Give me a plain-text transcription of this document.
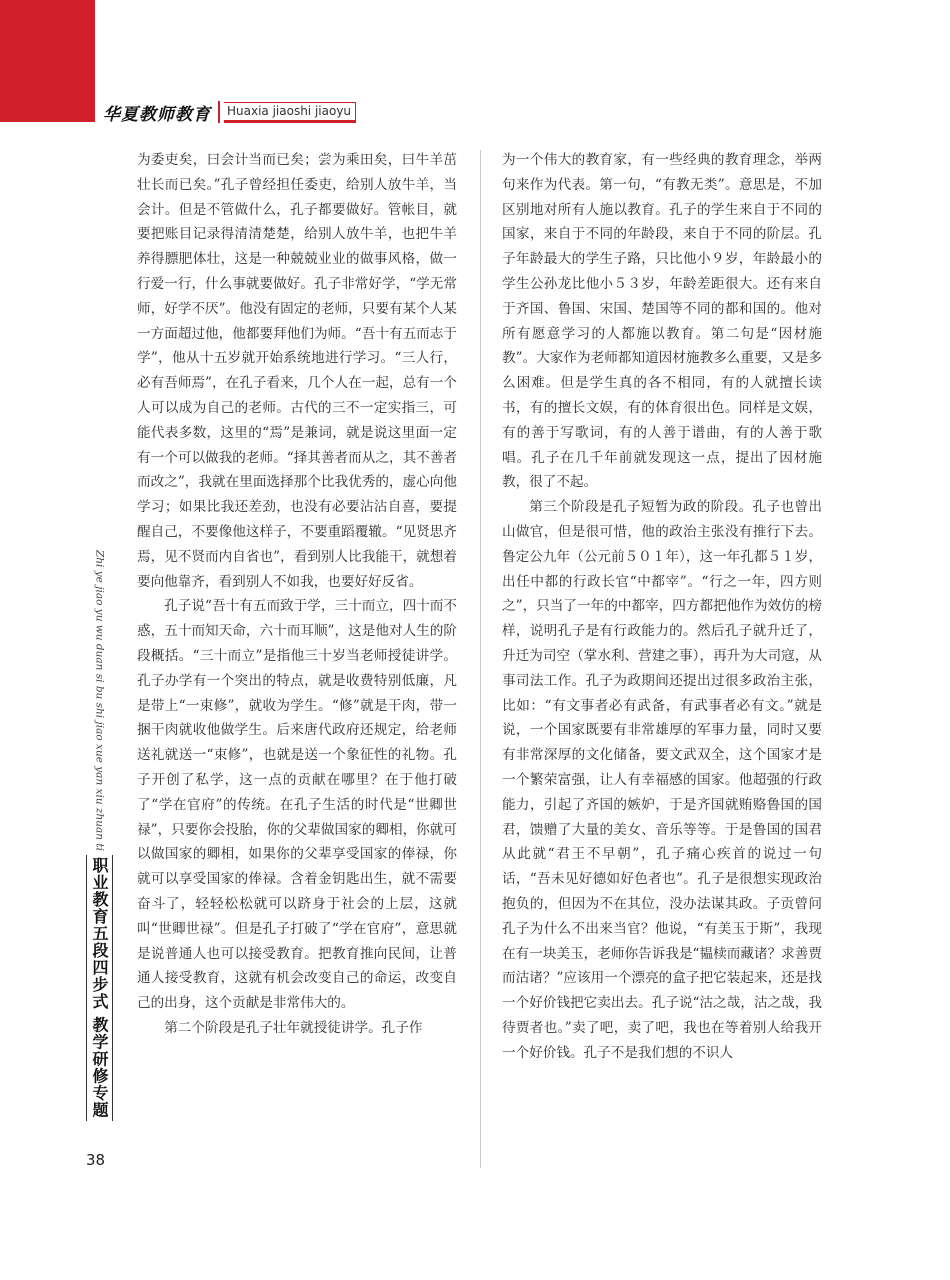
华夏教师教育 Huaxia jiaoshi jiaoyu
Zhi ye jiao yu wu duan si bu shi jiao xue yan xiu zhuan ti
职业教育五段四步式 教学研修专题
38

为委吏矣，曰会计当而已矣；尝为乘田矣，曰牛羊茁壮长而已矣。”孔子曾经担任委吏，给别人放牛羊，当会计。但是不管做什么，孔子都要做好。管帐目，就要把账目记录得清清楚楚，给别人放牛羊，也把牛羊养得膘肥体壮，这是一种兢兢业业的做事风格，做一行爱一行，什么事就要做好。孔子非常好学，“学无常师，好学不厌”。他没有固定的老师，只要有某个人某一方面超过他，他都要拜他们为师。“吾十有五而志于学”，他从十五岁就开始系统地进行学习。“三人行，必有吾师焉”，在孔子看来，几个人在一起，总有一个人可以成为自己的老师。古代的三不一定实指三，可能代表多数，这里的“焉”是兼词，就是说这里面一定有一个可以做我的老师。“择其善者而从之，其不善者而改之”，我就在里面选择那个比我优秀的，虚心向他学习；如果比我还差劲，也没有必要沾沾自喜，要提醒自己，不要像他这样子，不要重蹈覆辙。“见贤思齐焉，见不贤而内自省也”，看到别人比我能干，就想着要向他靠齐，看到别人不如我，也要好好反省。

孔子说“吾十有五而致于学，三十而立，四十而不惑，五十而知天命，六十而耳顺”，这是他对人生的阶段概括。“三十而立”是指他三十岁当老师授徒讲学。孔子办学有一个突出的特点，就是收费特别低廉，凡是带上“一束修”，就收为学生。“修”就是干肉，带一捆干肉就收他做学生。后来唐代政府还规定，给老师送礼就送一“束修”，也就是送一个象征性的礼物。孔子开创了私学，这一点的贡献在哪里？在于他打破了“学在官府”的传统。在孔子生活的时代是“世卿世禄”，只要你会投胎，你的父辈做国家的卿相，你就可以做国家的卿相，如果你的父辈享受国家的俸禄，你就可以享受国家的俸禄。含着金钥匙出生，就不需要奋斗了，轻轻松松就可以跻身于社会的上层，这就叫“世卿世禄”。但是孔子打破了“学在官府”，意思就是说普通人也可以接受教育。把教育推向民间，让普通人接受教育，这就有机会改变自己的命运，改变自己的出身，这个贡献是非常伟大的。

第二个阶段是孔子壮年就授徒讲学。孔子作

为一个伟大的教育家，有一些经典的教育理念，举两句来作为代表。第一句，“有教无类”。意思是，不加区别地对所有人施以教育。孔子的学生来自于不同的国家，来自于不同的年龄段，来自于不同的阶层。孔子年龄最大的学生子路，只比他小９岁，年龄最小的学生公孙龙比他小５３岁，年龄差距很大。还有来自于齐国、鲁国、宋国、楚国等不同的都和国的。他对所有愿意学习的人都施以教育。第二句是“因材施教”。大家作为老师都知道因材施教多么重要，又是多么困难。但是学生真的各不相同，有的人就擅长读书，有的擅长文娱，有的体育很出色。同样是文娱，有的善于写歌词，有的人善于谱曲，有的人善于歌唱。孔子在几千年前就发现这一点，提出了因材施教，很了不起。

第三个阶段是孔子短暂为政的阶段。孔子也曾出山做官，但是很可惜，他的政治主张没有推行下去。鲁定公九年（公元前５０１年），这一年孔都５１岁，出任中都的行政长官“中都宰”。“行之一年，四方则之”，只当了一年的中都宰，四方都把他作为效仿的榜样，说明孔子是有行政能力的。然后孔子就升迁了，升迁为司空（掌水利、营建之事），再升为大司寇，从事司法工作。孔子为政期间还提出过很多政治主张，比如：“有文事者必有武备，有武事者必有文。”就是说，一个国家既要有非常雄厚的军事力量，同时又要有非常深厚的文化储备，要文武双全，这个国家才是一个繁荣富强，让人有幸福感的国家。他超强的行政能力，引起了齐国的嫉妒，于是齐国就贿赂鲁国的国君，馈赠了大量的美女、音乐等等。于是鲁国的国君从此就“君王不早朝”，孔子痛心疾首的说过一句话，“吾未见好德如好色者也”。孔子是很想实现政治抱负的，但因为不在其位，没办法谋其政。子贡曾问孔子为什么不出来当官？他说，“有美玉于斯”，我现在有一块美玉，老师你告诉我是“韫椟而藏诸？求善贾而沽诸？”应该用一个漂亮的盒子把它装起来，还是找一个好价钱把它卖出去。孔子说“沽之哉，沽之哉，我待贾者也。”卖了吧，卖了吧，我也在等着别人给我开一个好价钱。孔子不是我们想的不识人
